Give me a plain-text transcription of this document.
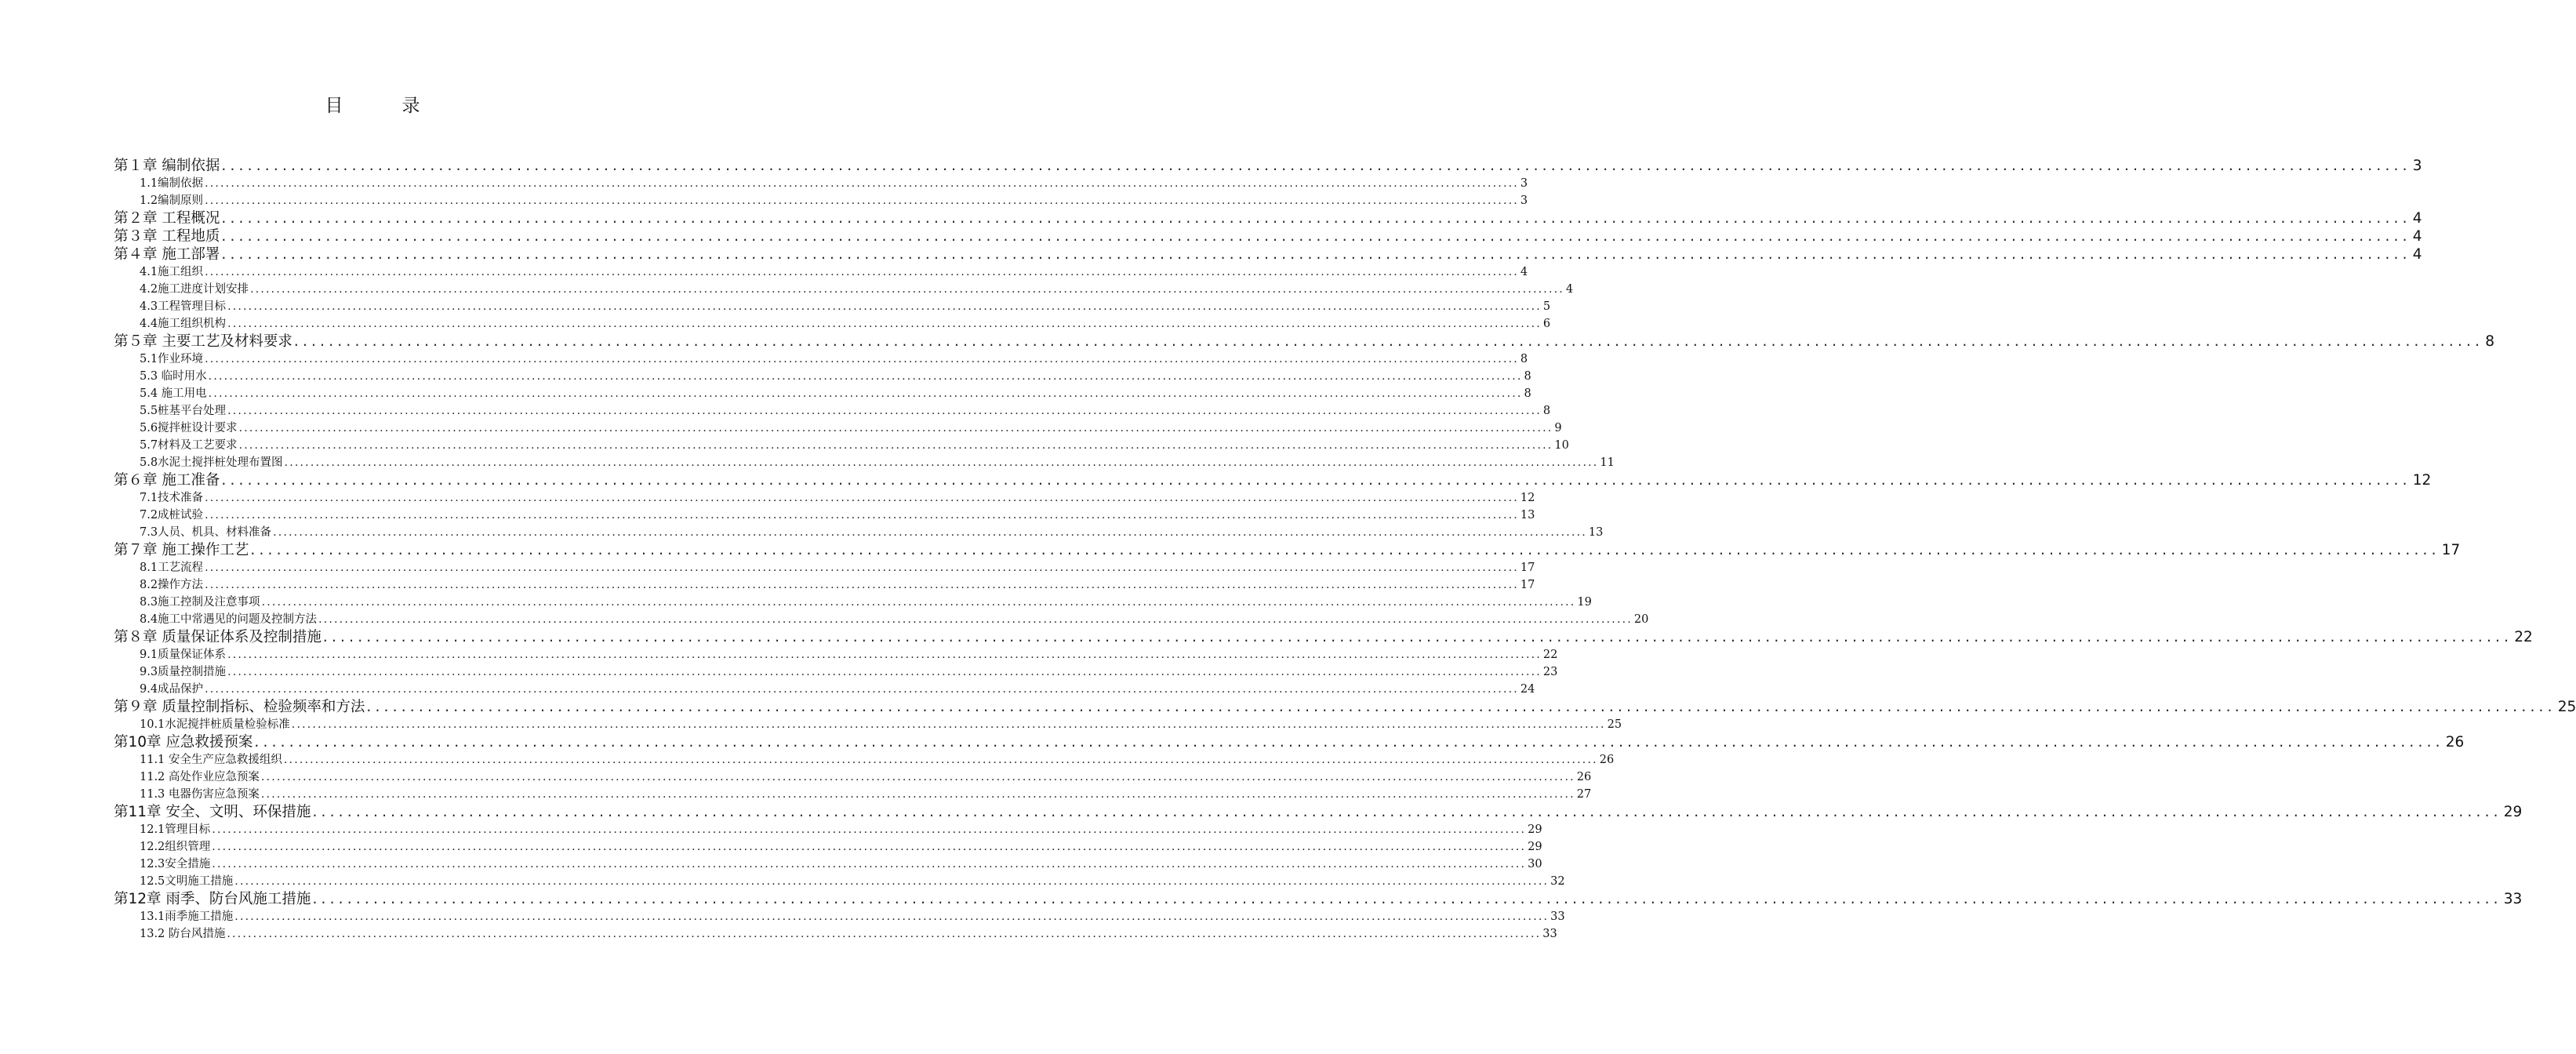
目　录
第１章 编制依据 ............................................................................................................................................................................................................................................................ 3
1.1编制依据 ............................................................................................................................................................................................................................................................ 3
1.2编制原则 ............................................................................................................................................................................................................................................................ 3
第２章 工程概况 ............................................................................................................................................................................................................................................................ 4
第３章 工程地质 ............................................................................................................................................................................................................................................................ 4
第４章 施工部署 ............................................................................................................................................................................................................................................................ 4
4.1施工组织 ............................................................................................................................................................................................................................................................ 4
4.2施工进度计划安排 ............................................................................................................................................................................................................................................................ 4
4.3工程管理目标 ............................................................................................................................................................................................................................................................ 5
4.4施工组织机构 ............................................................................................................................................................................................................................................................ 6
第５章 主要工艺及材料要求 ............................................................................................................................................................................................................................................................ 8
5.1作业环境 ............................................................................................................................................................................................................................................................ 8
5.3 临时用水 ............................................................................................................................................................................................................................................................ 8
5.4 施工用电 ............................................................................................................................................................................................................................................................ 8
5.5桩基平台处理 ............................................................................................................................................................................................................................................................ 8
5.6搅拌桩设计要求 ............................................................................................................................................................................................................................................................ 9
5.7材料及工艺要求 ............................................................................................................................................................................................................................................................ 10
5.8水泥土搅拌桩处理布置图 ............................................................................................................................................................................................................................................................ 11
第６章 施工准备 ............................................................................................................................................................................................................................................................ 12
7.1技术准备 ............................................................................................................................................................................................................................................................ 12
7.2成桩试验 ............................................................................................................................................................................................................................................................ 13
7.3人员、机具、材料准备 ............................................................................................................................................................................................................................................................ 13
第７章 施工操作工艺 ............................................................................................................................................................................................................................................................ 17
8.1工艺流程 ............................................................................................................................................................................................................................................................ 17
8.2操作方法 ............................................................................................................................................................................................................................................................ 17
8.3施工控制及注意事项 ............................................................................................................................................................................................................................................................ 19
8.4施工中常遇见的问题及控制方法 ............................................................................................................................................................................................................................................................ 20
第８章 质量保证体系及控制措施 ............................................................................................................................................................................................................................................................ 22
9.1质量保证体系 ............................................................................................................................................................................................................................................................ 22
9.3质量控制措施 ............................................................................................................................................................................................................................................................ 23
9.4成品保护 ............................................................................................................................................................................................................................................................ 24
第９章 质量控制指标、检验频率和方法 ............................................................................................................................................................................................................................................................ 25
10.1水泥搅拌桩质量检验标准 ............................................................................................................................................................................................................................................................ 25
第10章 应急救援预案 ............................................................................................................................................................................................................................................................ 26
11.1 安全生产应急救援组织 ............................................................................................................................................................................................................................................................ 26
11.2 高处作业应急预案 ............................................................................................................................................................................................................................................................ 26
11.3 电器伤害应急预案 ............................................................................................................................................................................................................................................................ 27
第11章 安全、文明、环保措施 ............................................................................................................................................................................................................................................................ 29
12.1管理目标 ............................................................................................................................................................................................................................................................ 29
12.2组织管理 ............................................................................................................................................................................................................................................................ 29
12.3安全措施 ............................................................................................................................................................................................................................................................ 30
12.5文明施工措施 ............................................................................................................................................................................................................................................................ 32
第12章 雨季、防台风施工措施 ............................................................................................................................................................................................................................................................ 33
13.1雨季施工措施 ............................................................................................................................................................................................................................................................ 33
13.2 防台风措施 ............................................................................................................................................................................................................................................................ 33
